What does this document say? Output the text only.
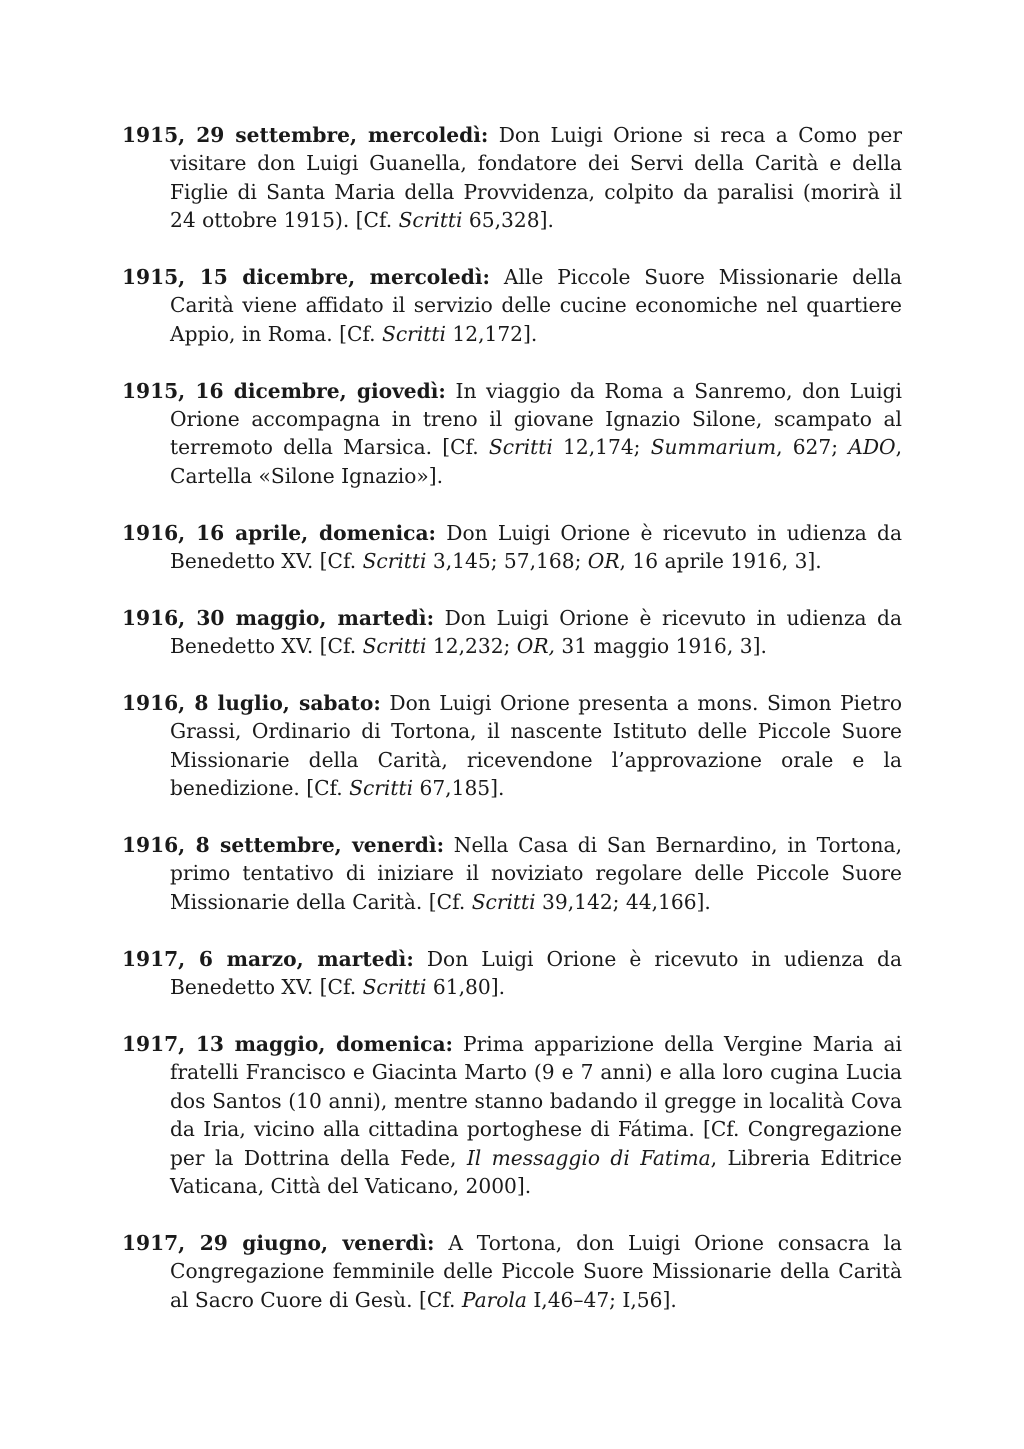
1915, 29 settembre, mercoledì: Don Luigi Orione si reca a Como per visitare don Luigi Guanella, fondatore dei Servi della Carità e della Figlie di Santa Maria della Provvidenza, colpito da paralisi (morirà il 24 ottobre 1915). [Cf. Scritti 65,328].

1915, 15 dicembre, mercoledì: Alle Piccole Suore Missionarie della Carità viene affidato il servizio delle cucine economiche nel quartiere Appio, in Roma. [Cf. Scritti 12,172].

1915, 16 dicembre, giovedì: In viaggio da Roma a Sanremo, don Luigi Orione accompagna in treno il giovane Ignazio Silone, scampato al terremoto della Marsica. [Cf. Scritti 12,174; Summarium, 627; ADO, Cartella «Silone Ignazio»].

1916, 16 aprile, domenica: Don Luigi Orione è ricevuto in udienza da Benedetto XV. [Cf. Scritti 3,145; 57,168; OR, 16 aprile 1916, 3].

1916, 30 maggio, martedì: Don Luigi Orione è ricevuto in udienza da Benedetto XV. [Cf. Scritti 12,232; OR, 31 maggio 1916, 3].

1916, 8 luglio, sabato: Don Luigi Orione presenta a mons. Simon Pietro Grassi, Ordinario di Tortona, il nascente Istituto delle Piccole Suore Missionarie della Carità, ricevendone l’approvazione orale e la benedizione. [Cf. Scritti 67,185].

1916, 8 settembre, venerdì: Nella Casa di San Bernardino, in Tortona, primo tentativo di iniziare il noviziato regolare delle Piccole Suore Missionarie della Carità. [Cf. Scritti 39,142; 44,166].

1917, 6 marzo, martedì: Don Luigi Orione è ricevuto in udienza da Benedetto XV. [Cf. Scritti 61,80].

1917, 13 maggio, domenica: Prima apparizione della Vergine Maria ai fratelli Francisco e Giacinta Marto (9 e 7 anni) e alla loro cugina Lucia dos Santos (10 anni), mentre stanno badando il gregge in località Cova da Iria, vicino alla cittadina portoghese di Fátima. [Cf. Congregazione per la Dottrina della Fede, Il messaggio di Fatima, Libreria Editrice Vaticana, Città del Vaticano, 2000].

1917, 29 giugno, venerdì: A Tortona, don Luigi Orione consacra la Congregazione femminile delle Piccole Suore Missionarie della Carità al Sacro Cuore di Gesù. [Cf. Parola I,46–47; I,56].
